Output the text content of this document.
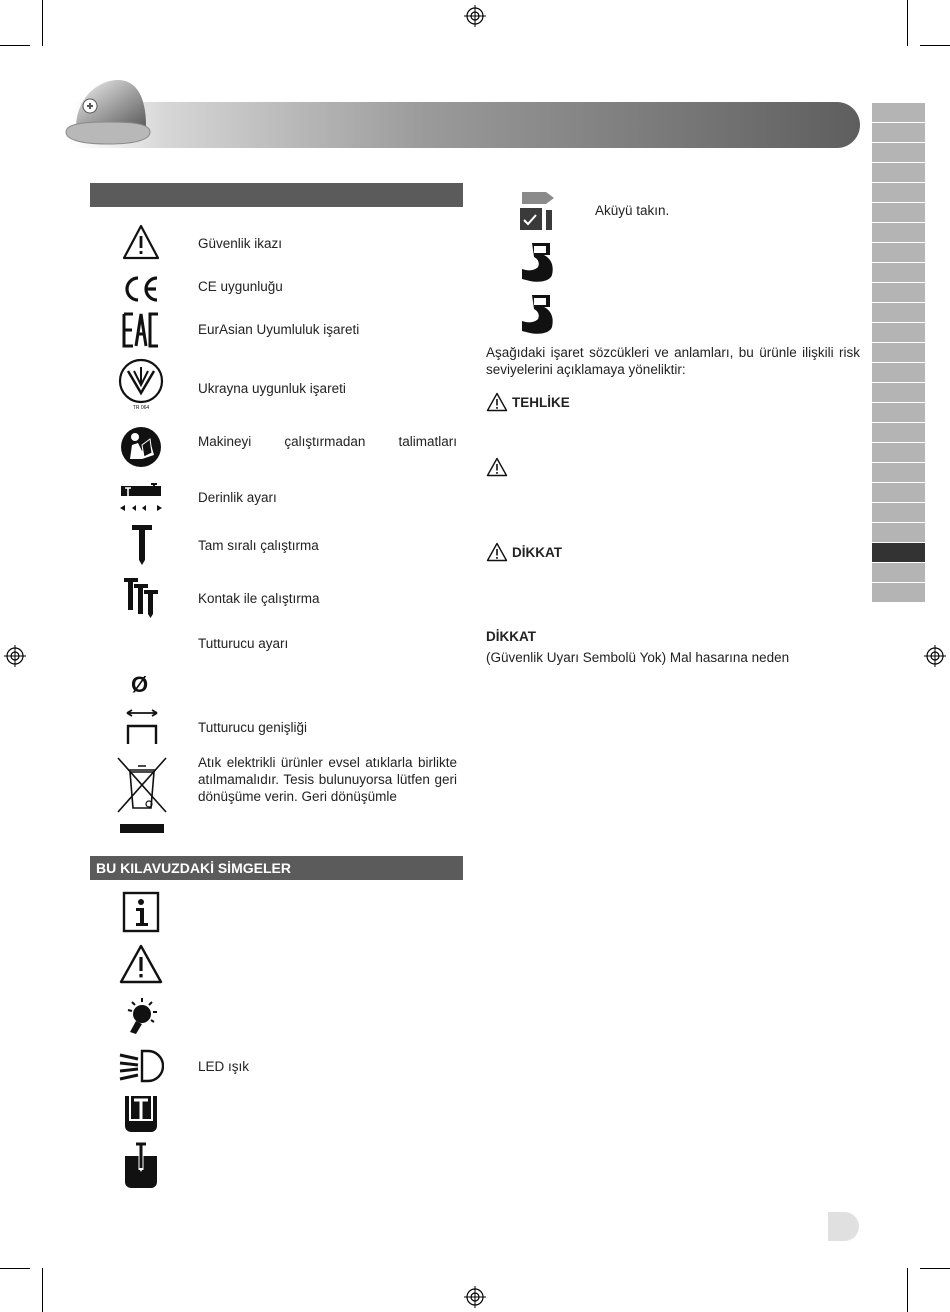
Güvenlik ikazı
CE uygunluğu
EurAsian Uyumluluk işareti
TR 064
Ukrayna uygunluk işareti
Makineyi çalıştırmadan talimatları
Derinlik ayarı
Tam sıralı çalıştırma
Kontak ile çalıştırma
Tutturucu ayarı
Ø
Tutturucu genişliği
Atık elektrikli ürünler evsel atıklarla birlikte atılmamalıdır. Tesis bulunuyorsa lütfen geri dönüşüme verin. Geri dönüşümle
BU KILAVUZDAKİ SİMGELER
LED ışık
Aküyü takın.
Aşağıdaki işaret sözcükleri ve anlamları, bu ürünle ilişkili risk seviyelerini açıklamaya yöneliktir:
TEHLİKE
DİKKAT
DİKKAT
(Güvenlik Uyarı Sembolü Yok) Mal hasarına neden
